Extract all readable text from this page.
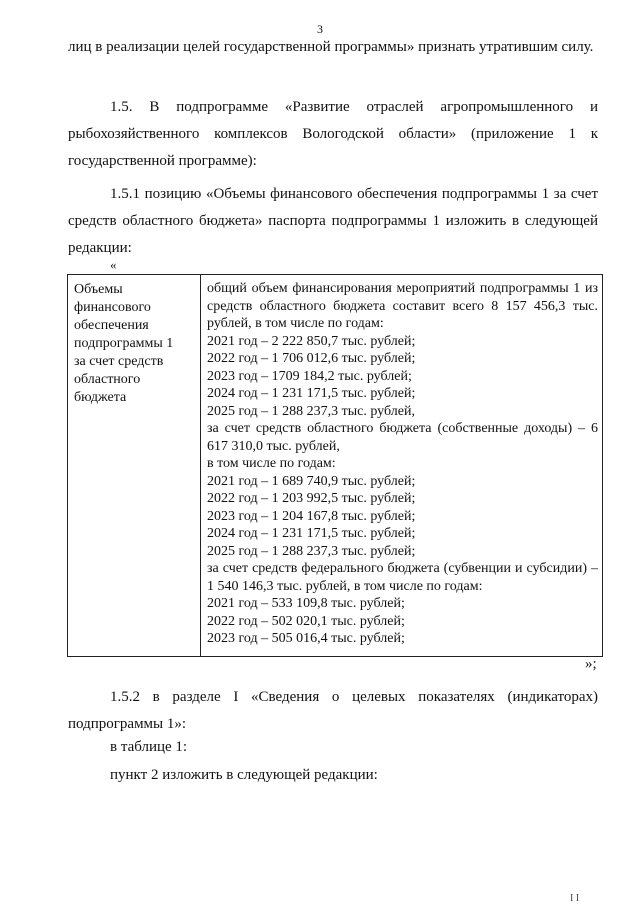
3

лиц в реализации целей государственной программы» признать утратившим силу.

1.5. В подпрограмме «Развитие отраслей агропромышленного и рыбохозяйственного комплексов Вологодской области» (приложение 1 к государственной программе):

1.5.1 позицию «Объемы финансового обеспечения подпрограммы 1 за счет средств областного бюджета» паспорта подпрограммы 1 изложить в следующей редакции:

«
Объемы
финансового
обеспечения
подпрограммы 1
за счет средств
областного
бюджета
общий объем финансирования мероприятий подпрограммы 1 из средств областного бюджета составит всего 8 157 456,3 тыс. рублей, в том числе по годам:
2021 год – 2 222 850,7 тыс. рублей;
2022 год – 1 706 012,6 тыс. рублей;
2023 год – 1709 184,2 тыс. рублей;
2024 год – 1 231 171,5 тыс. рублей;
2025 год – 1 288 237,3 тыс. рублей,
за счет средств областного бюджета (собственные доходы) – 6 617 310,0 тыс. рублей,
в том числе по годам:
2021 год – 1 689 740,9 тыс. рублей;
2022 год – 1 203 992,5 тыс. рублей;
2023 год – 1 204 167,8 тыс. рублей;
2024 год – 1 231 171,5 тыс. рублей;
2025 год – 1 288 237,3 тыс. рублей;
за счет средств федерального бюджета (субвенции и субсидии) – 1 540 146,3 тыс. рублей, в том числе по годам:
2021 год – 533 109,8 тыс. рублей;
2022 год – 502 020,1 тыс. рублей;
2023 год – 505 016,4 тыс. рублей;
»;

1.5.2 в разделе I «Сведения о целевых показателях (индикаторах) подпрограммы 1»:

в таблице 1:
пункт 2 изложить в следующей редакции:
I I
